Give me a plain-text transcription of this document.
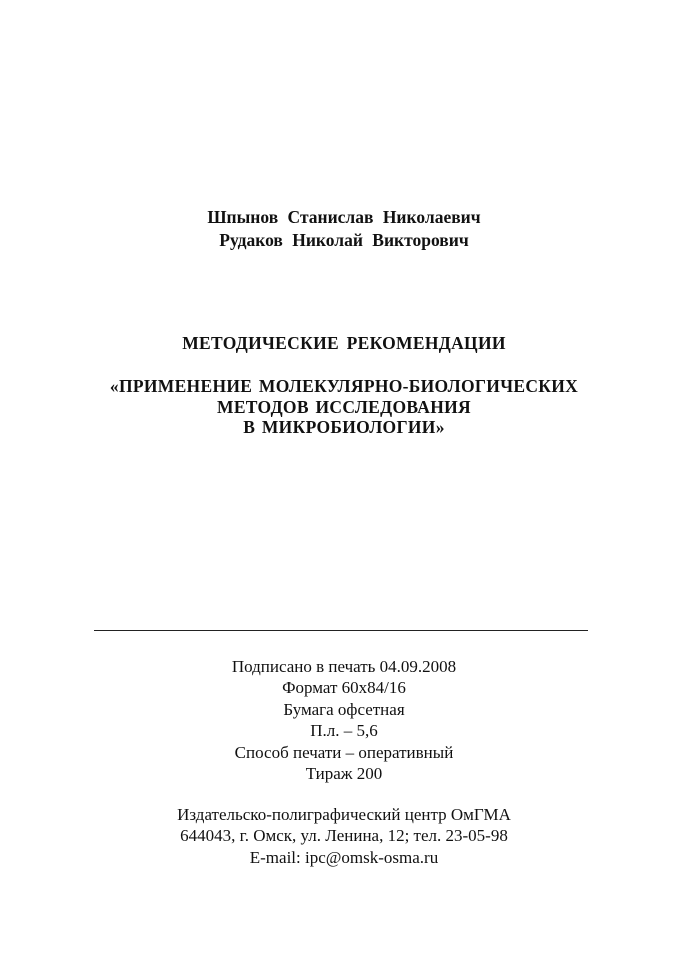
Шпынов Станислав Николаевич
Рудаков Николай Викторович
МЕТОДИЧЕСКИЕ РЕКОМЕНДАЦИИ
«ПРИМЕНЕНИЕ МОЛЕКУЛЯРНО-БИОЛОГИЧЕСКИХ
МЕТОДОВ ИССЛЕДОВАНИЯ
В МИКРОБИОЛОГИИ»
Подписано в печать 04.09.2008
Формат 60х84/16
Бумага офсетная
П.л. – 5,6
Способ печати – оперативный
Тираж 200
Издательско-полиграфический центр ОмГМА
644043, г. Омск, ул. Ленина, 12; тел. 23-05-98
E-mail: ipc@omsk-osma.ru
